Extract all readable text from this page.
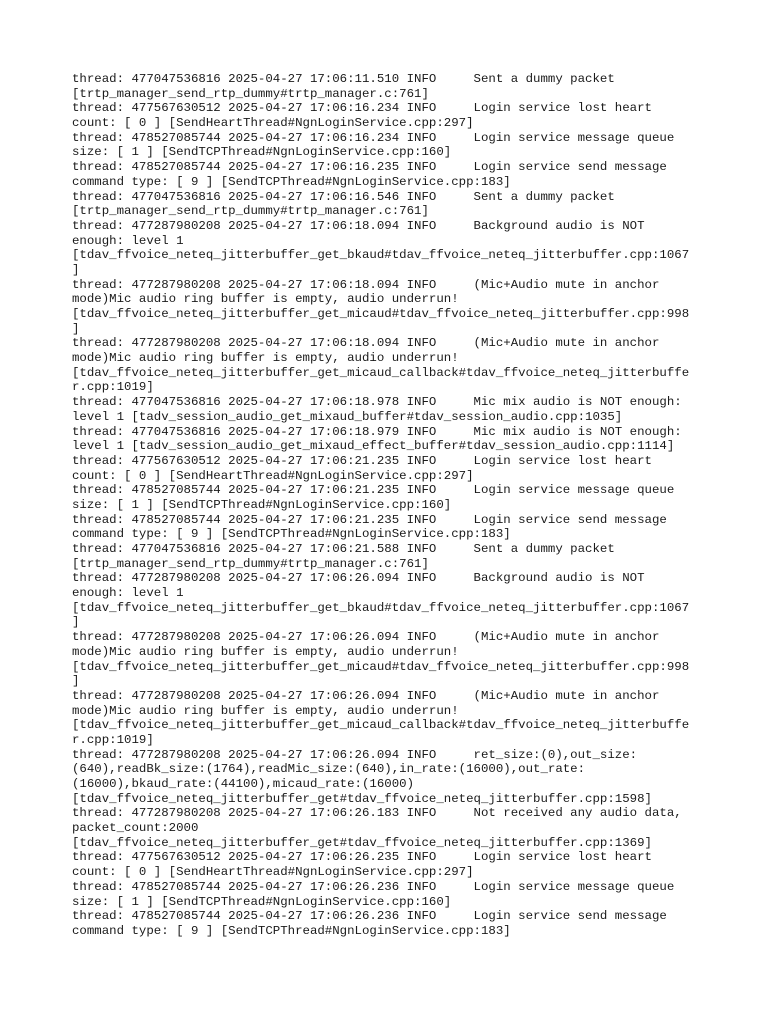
thread: 477047536816 2025-04-27 17:06:11.510 INFO     Sent a dummy packet
[trtp_manager_send_rtp_dummy#trtp_manager.c:761]
thread: 477567630512 2025-04-27 17:06:16.234 INFO     Login service lost heart
count: [ 0 ] [SendHeartThread#NgnLoginService.cpp:297]
thread: 478527085744 2025-04-27 17:06:16.234 INFO     Login service message queue
size: [ 1 ] [SendTCPThread#NgnLoginService.cpp:160]
thread: 478527085744 2025-04-27 17:06:16.235 INFO     Login service send message
command type: [ 9 ] [SendTCPThread#NgnLoginService.cpp:183]
thread: 477047536816 2025-04-27 17:06:16.546 INFO     Sent a dummy packet
[trtp_manager_send_rtp_dummy#trtp_manager.c:761]
thread: 477287980208 2025-04-27 17:06:18.094 INFO     Background audio is NOT
enough: level 1
[tdav_ffvoice_neteq_jitterbuffer_get_bkaud#tdav_ffvoice_neteq_jitterbuffer.cpp:1067
]
thread: 477287980208 2025-04-27 17:06:18.094 INFO     (Mic+Audio mute in anchor
mode)Mic audio ring buffer is empty, audio underrun!
[tdav_ffvoice_neteq_jitterbuffer_get_micaud#tdav_ffvoice_neteq_jitterbuffer.cpp:998
]
thread: 477287980208 2025-04-27 17:06:18.094 INFO     (Mic+Audio mute in anchor
mode)Mic audio ring buffer is empty, audio underrun!
[tdav_ffvoice_neteq_jitterbuffer_get_micaud_callback#tdav_ffvoice_neteq_jitterbuffe
r.cpp:1019]
thread: 477047536816 2025-04-27 17:06:18.978 INFO     Mic mix audio is NOT enough:
level 1 [tadv_session_audio_get_mixaud_buffer#tdav_session_audio.cpp:1035]
thread: 477047536816 2025-04-27 17:06:18.979 INFO     Mic mix audio is NOT enough:
level 1 [tadv_session_audio_get_mixaud_effect_buffer#tdav_session_audio.cpp:1114]
thread: 477567630512 2025-04-27 17:06:21.235 INFO     Login service lost heart
count: [ 0 ] [SendHeartThread#NgnLoginService.cpp:297]
thread: 478527085744 2025-04-27 17:06:21.235 INFO     Login service message queue
size: [ 1 ] [SendTCPThread#NgnLoginService.cpp:160]
thread: 478527085744 2025-04-27 17:06:21.235 INFO     Login service send message
command type: [ 9 ] [SendTCPThread#NgnLoginService.cpp:183]
thread: 477047536816 2025-04-27 17:06:21.588 INFO     Sent a dummy packet
[trtp_manager_send_rtp_dummy#trtp_manager.c:761]
thread: 477287980208 2025-04-27 17:06:26.094 INFO     Background audio is NOT
enough: level 1
[tdav_ffvoice_neteq_jitterbuffer_get_bkaud#tdav_ffvoice_neteq_jitterbuffer.cpp:1067
]
thread: 477287980208 2025-04-27 17:06:26.094 INFO     (Mic+Audio mute in anchor
mode)Mic audio ring buffer is empty, audio underrun!
[tdav_ffvoice_neteq_jitterbuffer_get_micaud#tdav_ffvoice_neteq_jitterbuffer.cpp:998
]
thread: 477287980208 2025-04-27 17:06:26.094 INFO     (Mic+Audio mute in anchor
mode)Mic audio ring buffer is empty, audio underrun!
[tdav_ffvoice_neteq_jitterbuffer_get_micaud_callback#tdav_ffvoice_neteq_jitterbuffe
r.cpp:1019]
thread: 477287980208 2025-04-27 17:06:26.094 INFO     ret_size:(0),out_size:
(640),readBk_size:(1764),readMic_size:(640),in_rate:(16000),out_rate:
(16000),bkaud_rate:(44100),micaud_rate:(16000)
[tdav_ffvoice_neteq_jitterbuffer_get#tdav_ffvoice_neteq_jitterbuffer.cpp:1598]
thread: 477287980208 2025-04-27 17:06:26.183 INFO     Not received any audio data,
packet_count:2000
[tdav_ffvoice_neteq_jitterbuffer_get#tdav_ffvoice_neteq_jitterbuffer.cpp:1369]
thread: 477567630512 2025-04-27 17:06:26.235 INFO     Login service lost heart
count: [ 0 ] [SendHeartThread#NgnLoginService.cpp:297]
thread: 478527085744 2025-04-27 17:06:26.236 INFO     Login service message queue
size: [ 1 ] [SendTCPThread#NgnLoginService.cpp:160]
thread: 478527085744 2025-04-27 17:06:26.236 INFO     Login service send message
command type: [ 9 ] [SendTCPThread#NgnLoginService.cpp:183]
